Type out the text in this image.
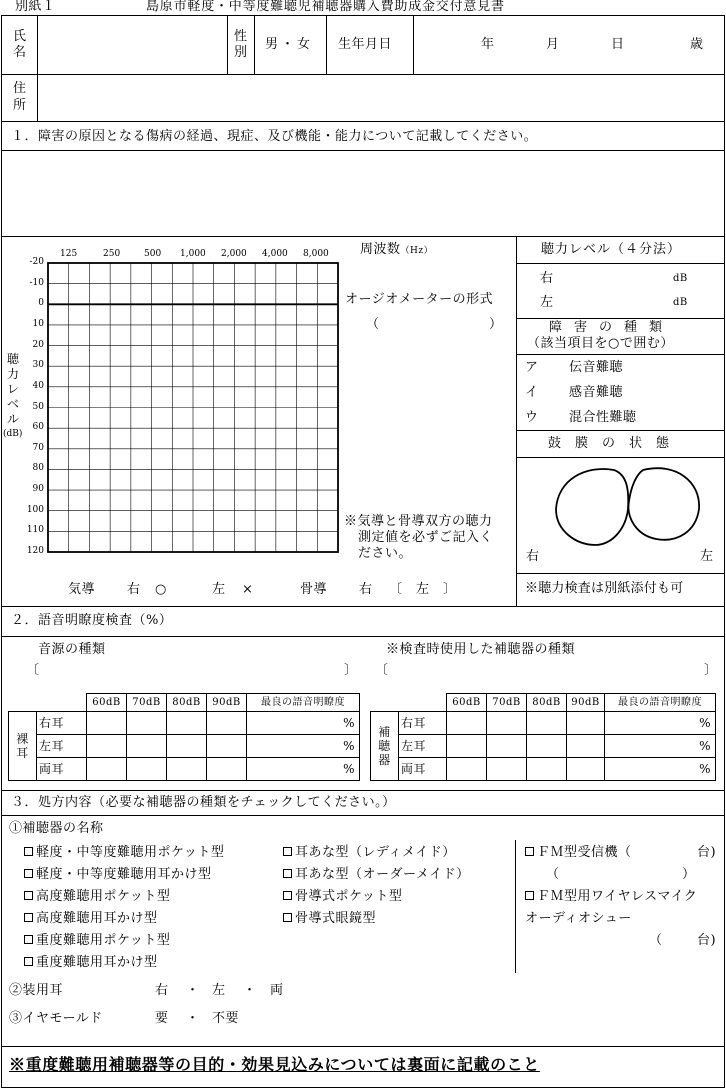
別紙１	島原市軽度・中等度難聴児補聴器購入費助成金交付意見書
氏名
性別
男・女 生年月日	年	月	日	歳
住所
１．障害の原因となる傷病の経過、現症、及び機能・能力について記載してください。
125	250	500 1,000 2,000 4,000 8,000
-20
-10
0
10
20
30
40
50
60
70
80
90
100
110
120
聴力レベル
(dB)
周波数（Hz）
オージオメーターの形式
（	）
※気導と骨導双方の聴力
測定値を必ずご記入く
ださい。
気導 右 ○	左 ×	骨導 右 〔 左 〕
聴力レベル（４分法）
右	dB
左	dB
障害の種類
（該当項目を○で囲む）
ア 伝音難聴
イ 感音難聴
ウ 混合性難聴
鼓膜の状態
右	左
※聴力検査は別紙添付も可
２．語音明瞭度検査（%）
音源の種類
〔	〕
※検査時使用した補聴器の種類
〔	〕
		60dB	70dB	80dB	90dB	最良の語音明瞭度
裸耳	右耳					%
	左耳					%
	両耳					%
		60dB	70dB	80dB	90dB	最良の語音明瞭度
補聴器	右耳					%
	左耳					%
	両耳					%
３．処方内容（必要な補聴器の種類をチェックしてください。）
①補聴器の名称
軽度・中等度難聴用ポケット型
軽度・中等度難聴用耳かけ型
高度難聴用ポケット型
高度難聴用耳かけ型
重度難聴用ポケット型
重度難聴用耳かけ型
耳あな型（レディメイド）
耳あな型（オーダーメイド）
骨導式ポケット型
骨導式眼鏡型
ＦＭ型受信機（	台)
（	）
ＦＭ型用ワイヤレスマイク
オーディオシュー
（	台)
②装用耳	右 ・ 左 ・ 両
③イヤモールド	要 ・ 不要
※重度難聴用補聴器等の目的・効果見込みについては裏面に記載のこと
